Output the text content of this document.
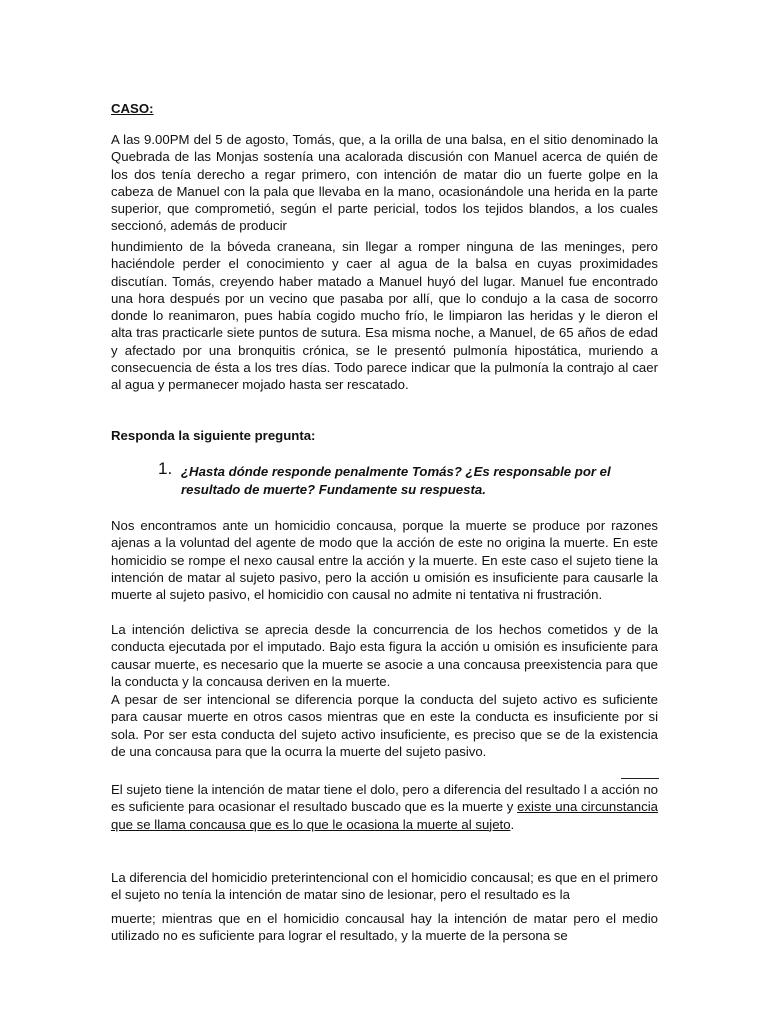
CASO:
A las 9.00PM del 5 de agosto, Tomás, que, a la orilla de una balsa, en el sitio denominado la Quebrada de las Monjas sostenía una acalorada discusión con Manuel acerca de quién de los dos tenía derecho a regar primero, con intención de matar dio un fuerte golpe en la cabeza de Manuel con la pala que llevaba en la mano, ocasionándole una herida en la parte superior, que comprometió, según el parte pericial, todos los tejidos blandos, a los cuales seccionó, además de producir
hundimiento de la bóveda craneana, sin llegar a romper ninguna de las meninges, pero haciéndole perder el conocimiento y caer al agua de la balsa en cuyas proximidades discutían. Tomás, creyendo haber matado a Manuel huyó del lugar. Manuel fue encontrado una hora después por un vecino que pasaba por allí, que lo condujo a la casa de socorro donde lo reanimaron, pues había cogido mucho frío, le limpiaron las heridas y le dieron el alta tras practicarle siete puntos de sutura. Esa misma noche, a Manuel, de 65 años de edad y afectado por una bronquitis crónica, se le presentó pulmonía hipostática, muriendo a consecuencia de ésta a los tres días. Todo parece indicar que la pulmonía la contrajo al caer al agua y permanecer mojado hasta ser rescatado.
Responda la siguiente pregunta:
1. ¿Hasta dónde responde penalmente Tomás? ¿Es responsable por el resultado de muerte? Fundamente su respuesta.
Nos encontramos ante un homicidio concausa, porque la muerte se produce por razones ajenas a la voluntad del agente de modo que la acción de este no origina la muerte. En este homicidio se rompe el nexo causal entre la acción y la muerte. En este caso el sujeto tiene la intención de matar al sujeto pasivo, pero la acción u omisión es insuficiente para causarle la muerte al sujeto pasivo, el homicidio con causal no admite ni tentativa ni frustración.
La intención delictiva se aprecia desde la concurrencia de los hechos cometidos y de la conducta ejecutada por el imputado. Bajo esta figura la acción u omisión es insuficiente para causar muerte, es necesario que la muerte se asocie a una concausa preexistencia para que la conducta y la concausa deriven en la muerte.
A pesar de ser intencional se diferencia porque la conducta del sujeto activo es suficiente para causar muerte en otros casos mientras que en este la conducta es insuficiente por si sola. Por ser esta conducta del sujeto activo insuficiente, es preciso que se de la existencia de una concausa para que la ocurra la muerte del sujeto pasivo.
El sujeto tiene la intención de matar tiene el dolo, pero a diferencia del resultado l a acción no es suficiente para ocasionar el resultado buscado que es la muerte y existe una circunstancia que se llama concausa que es lo que le ocasiona la muerte al sujeto.
La diferencia del homicidio preterintencional con el homicidio concausal; es que en el primero el sujeto no tenía la intención de matar sino de lesionar, pero el resultado es la
muerte; mientras que en el homicidio concausal hay la intención de matar pero el medio utilizado no es suficiente para lograr el resultado, y la muerte de la persona se
